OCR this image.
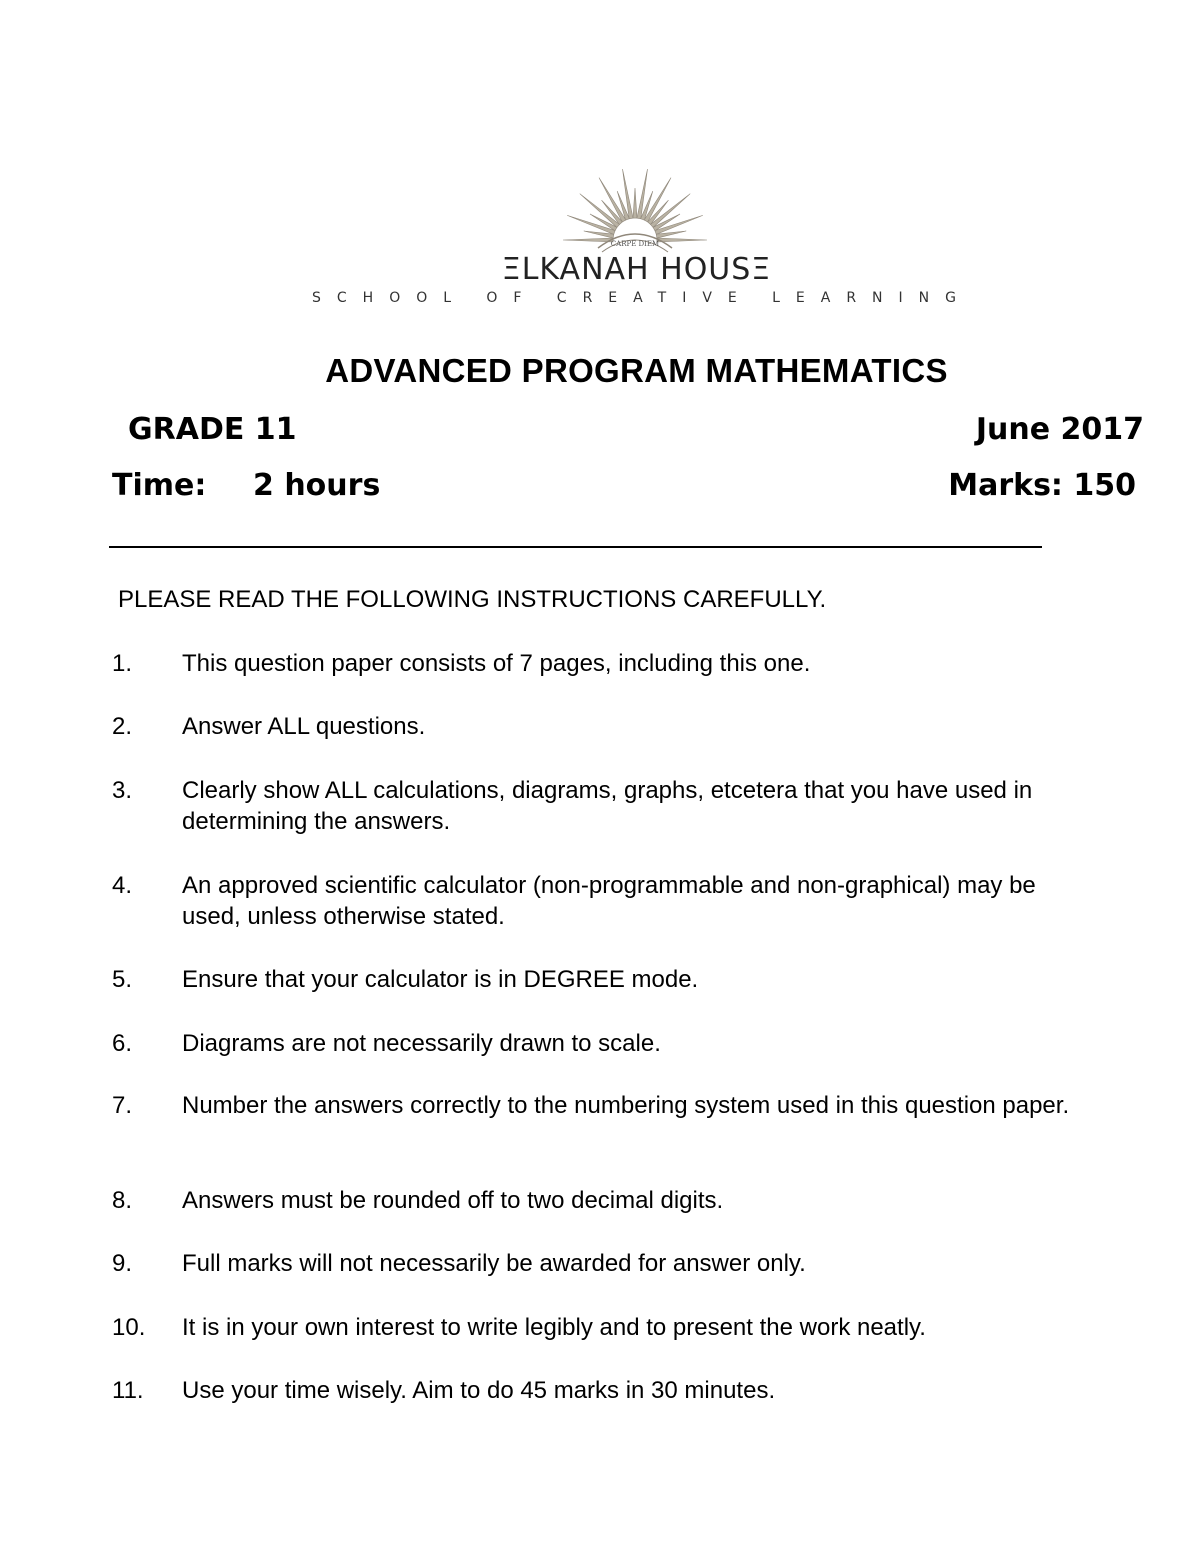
CARPE DIEM
ΞLKANAH HOUSΞ
SCHOOL OF CREATIVE LEARNING
ADVANCED PROGRAM MATHEMATICS
GRADE 11	June 2017
Time: 2 hours	Marks: 150
PLEASE READ THE FOLLOWING INSTRUCTIONS CAREFULLY.
1. This question paper consists of 7 pages, including this one.
2. Answer ALL questions.
3. Clearly show ALL calculations, diagrams, graphs, etcetera that you have used in determining the answers.
4. An approved scientific calculator (non-programmable and non-graphical) may be used, unless otherwise stated.
5. Ensure that your calculator is in DEGREE mode.
6. Diagrams are not necessarily drawn to scale.
7. Number the answers correctly to the numbering system used in this question paper.
8. Answers must be rounded off to two decimal digits.
9. Full marks will not necessarily be awarded for answer only.
10. It is in your own interest to write legibly and to present the work neatly.
11. Use your time wisely. Aim to do 45 marks in 30 minutes.
